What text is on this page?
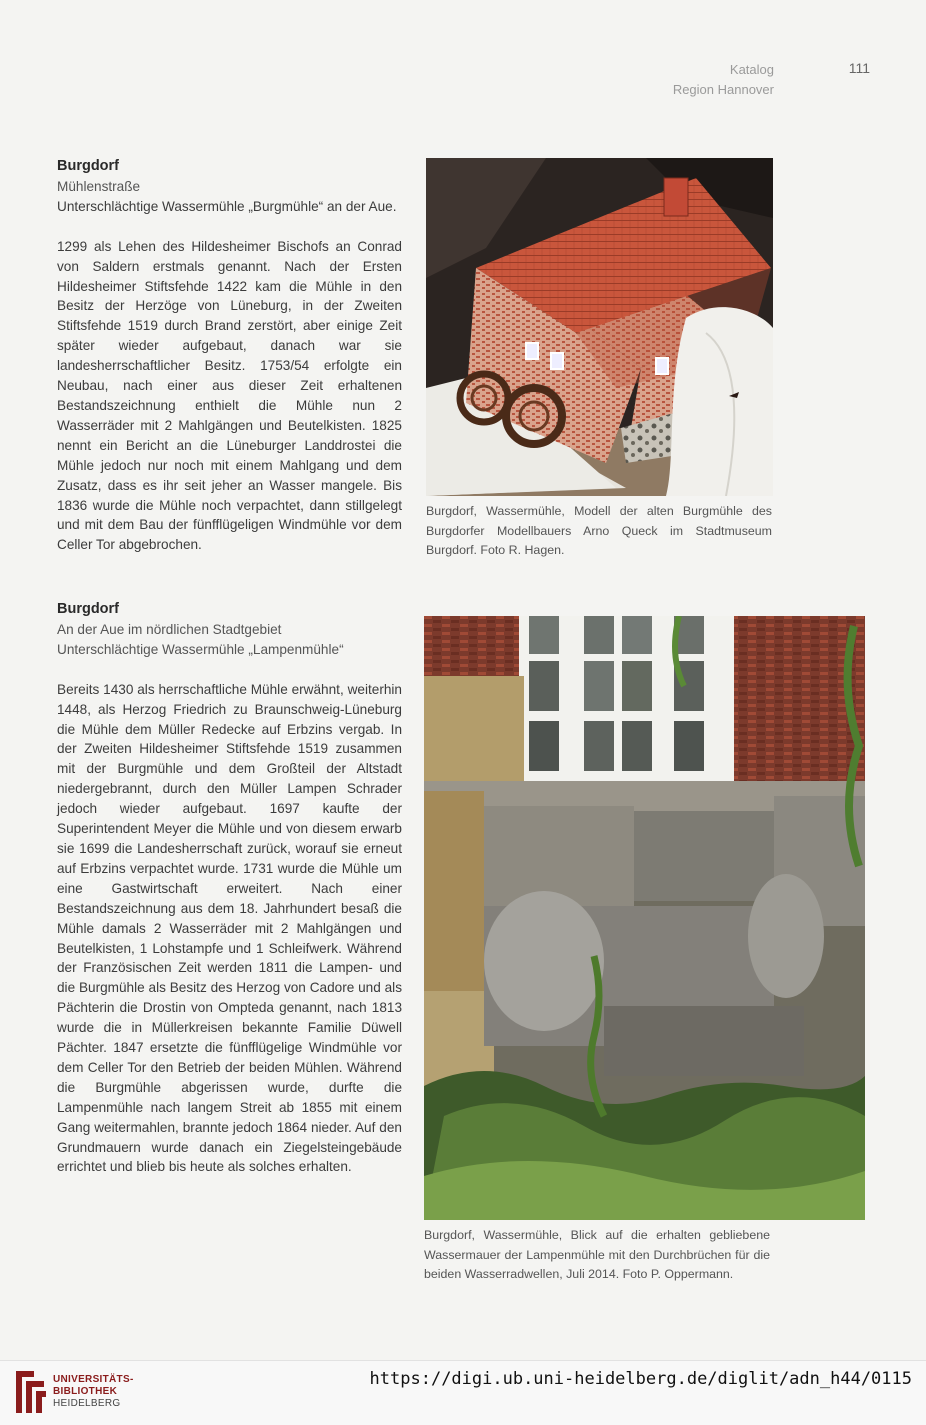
Katalog
Region Hannover
111
Burgdorf
Mühlenstraße

Unterschlächtige Wassermühle „Burgmühle“ an der Aue.

1299 als Lehen des Hildesheimer Bischofs an Conrad von Saldern erstmals genannt. Nach der Ersten Hildesheimer Stiftsfehde 1422 kam die Mühle in den Besitz der Herzöge von Lüneburg, in der Zweiten Stiftsfehde 1519 durch Brand zerstört, aber einige Zeit später wieder aufgebaut, danach war sie landesherrschaftlicher Besitz. 1753/54 erfolgte ein Neubau, nach einer aus dieser Zeit erhaltenen Bestandszeichnung enthielt die Mühle nun 2 Wasserräder mit 2 Mahlgängen und Beutelkisten. 1825 nennt ein Bericht an die Lüneburger Landdrostei die Mühle jedoch nur noch mit einem Mahlgang und dem Zusatz, dass es ihr seit jeher an Wasser mangele. Bis 1836 wurde die Mühle noch verpachtet, dann stillgelegt und mit dem Bau der fünfflügeligen Windmühle vor dem Celler Tor abgebrochen.

Burgdorf, Wassermühle, Modell der alten Burgmühle des Burgdorfer Modellbauers Arno Queck im Stadtmuseum Burgdorf. Foto R. Hagen.
Burgdorf
An der Aue im nördlichen Stadtgebiet
Unterschlächtige Wassermühle „Lampenmühle“

Bereits 1430 als herrschaftliche Mühle erwähnt, weiterhin 1448, als Herzog Friedrich zu Braunschweig-Lüneburg die Mühle dem Müller Redecke auf Erbzins vergab. In der Zweiten Hildesheimer Stiftsfehde 1519 zusammen mit der Burgmühle und dem Großteil der Altstadt niedergebrannt, durch den Müller Lampen Schrader jedoch wieder aufgebaut. 1697 kaufte der Superintendent Meyer die Mühle und von diesem erwarb sie 1699 die Landesherrschaft zurück, worauf sie erneut auf Erbzins verpachtet wurde. 1731 wurde die Mühle um eine Gastwirtschaft erweitert. Nach einer Bestandszeichnung aus dem 18. Jahrhundert besaß die Mühle damals 2 Wasserräder mit 2 Mahlgängen und Beutelkisten, 1 Lohstampfe und 1 Schleifwerk. Während der Französischen Zeit werden 1811 die Lampen- und die Burgmühle als Besitz des Herzog von Cadore und als Pächterin die Drostin von Ompteda genannt, nach 1813 wurde die in Müllerkreisen bekannte Familie Düwell Pächter. 1847 ersetzte die fünfflügelige Windmühle vor dem Celler Tor den Betrieb der beiden Mühlen. Während die Burgmühle abgerissen wurde, durfte die Lampenmühle nach langem Streit ab 1855 mit einem Gang weitermahlen, brannte jedoch 1864 nieder. Auf den Grundmauern wurde danach ein Ziegelsteingebäude errichtet und blieb bis heute als solches erhalten.

Burgdorf, Wassermühle, Blick auf die erhalten gebliebene Wassermauer der Lampenmühle mit den Durchbrüchen für die beiden Wasserradwellen, Juli 2014. Foto P. Oppermann.
UNIVERSITÄTS-
BIBLIOTHEK
HEIDELBERG
https://digi.ub.uni-heidelberg.de/diglit/adn_h44/0115
